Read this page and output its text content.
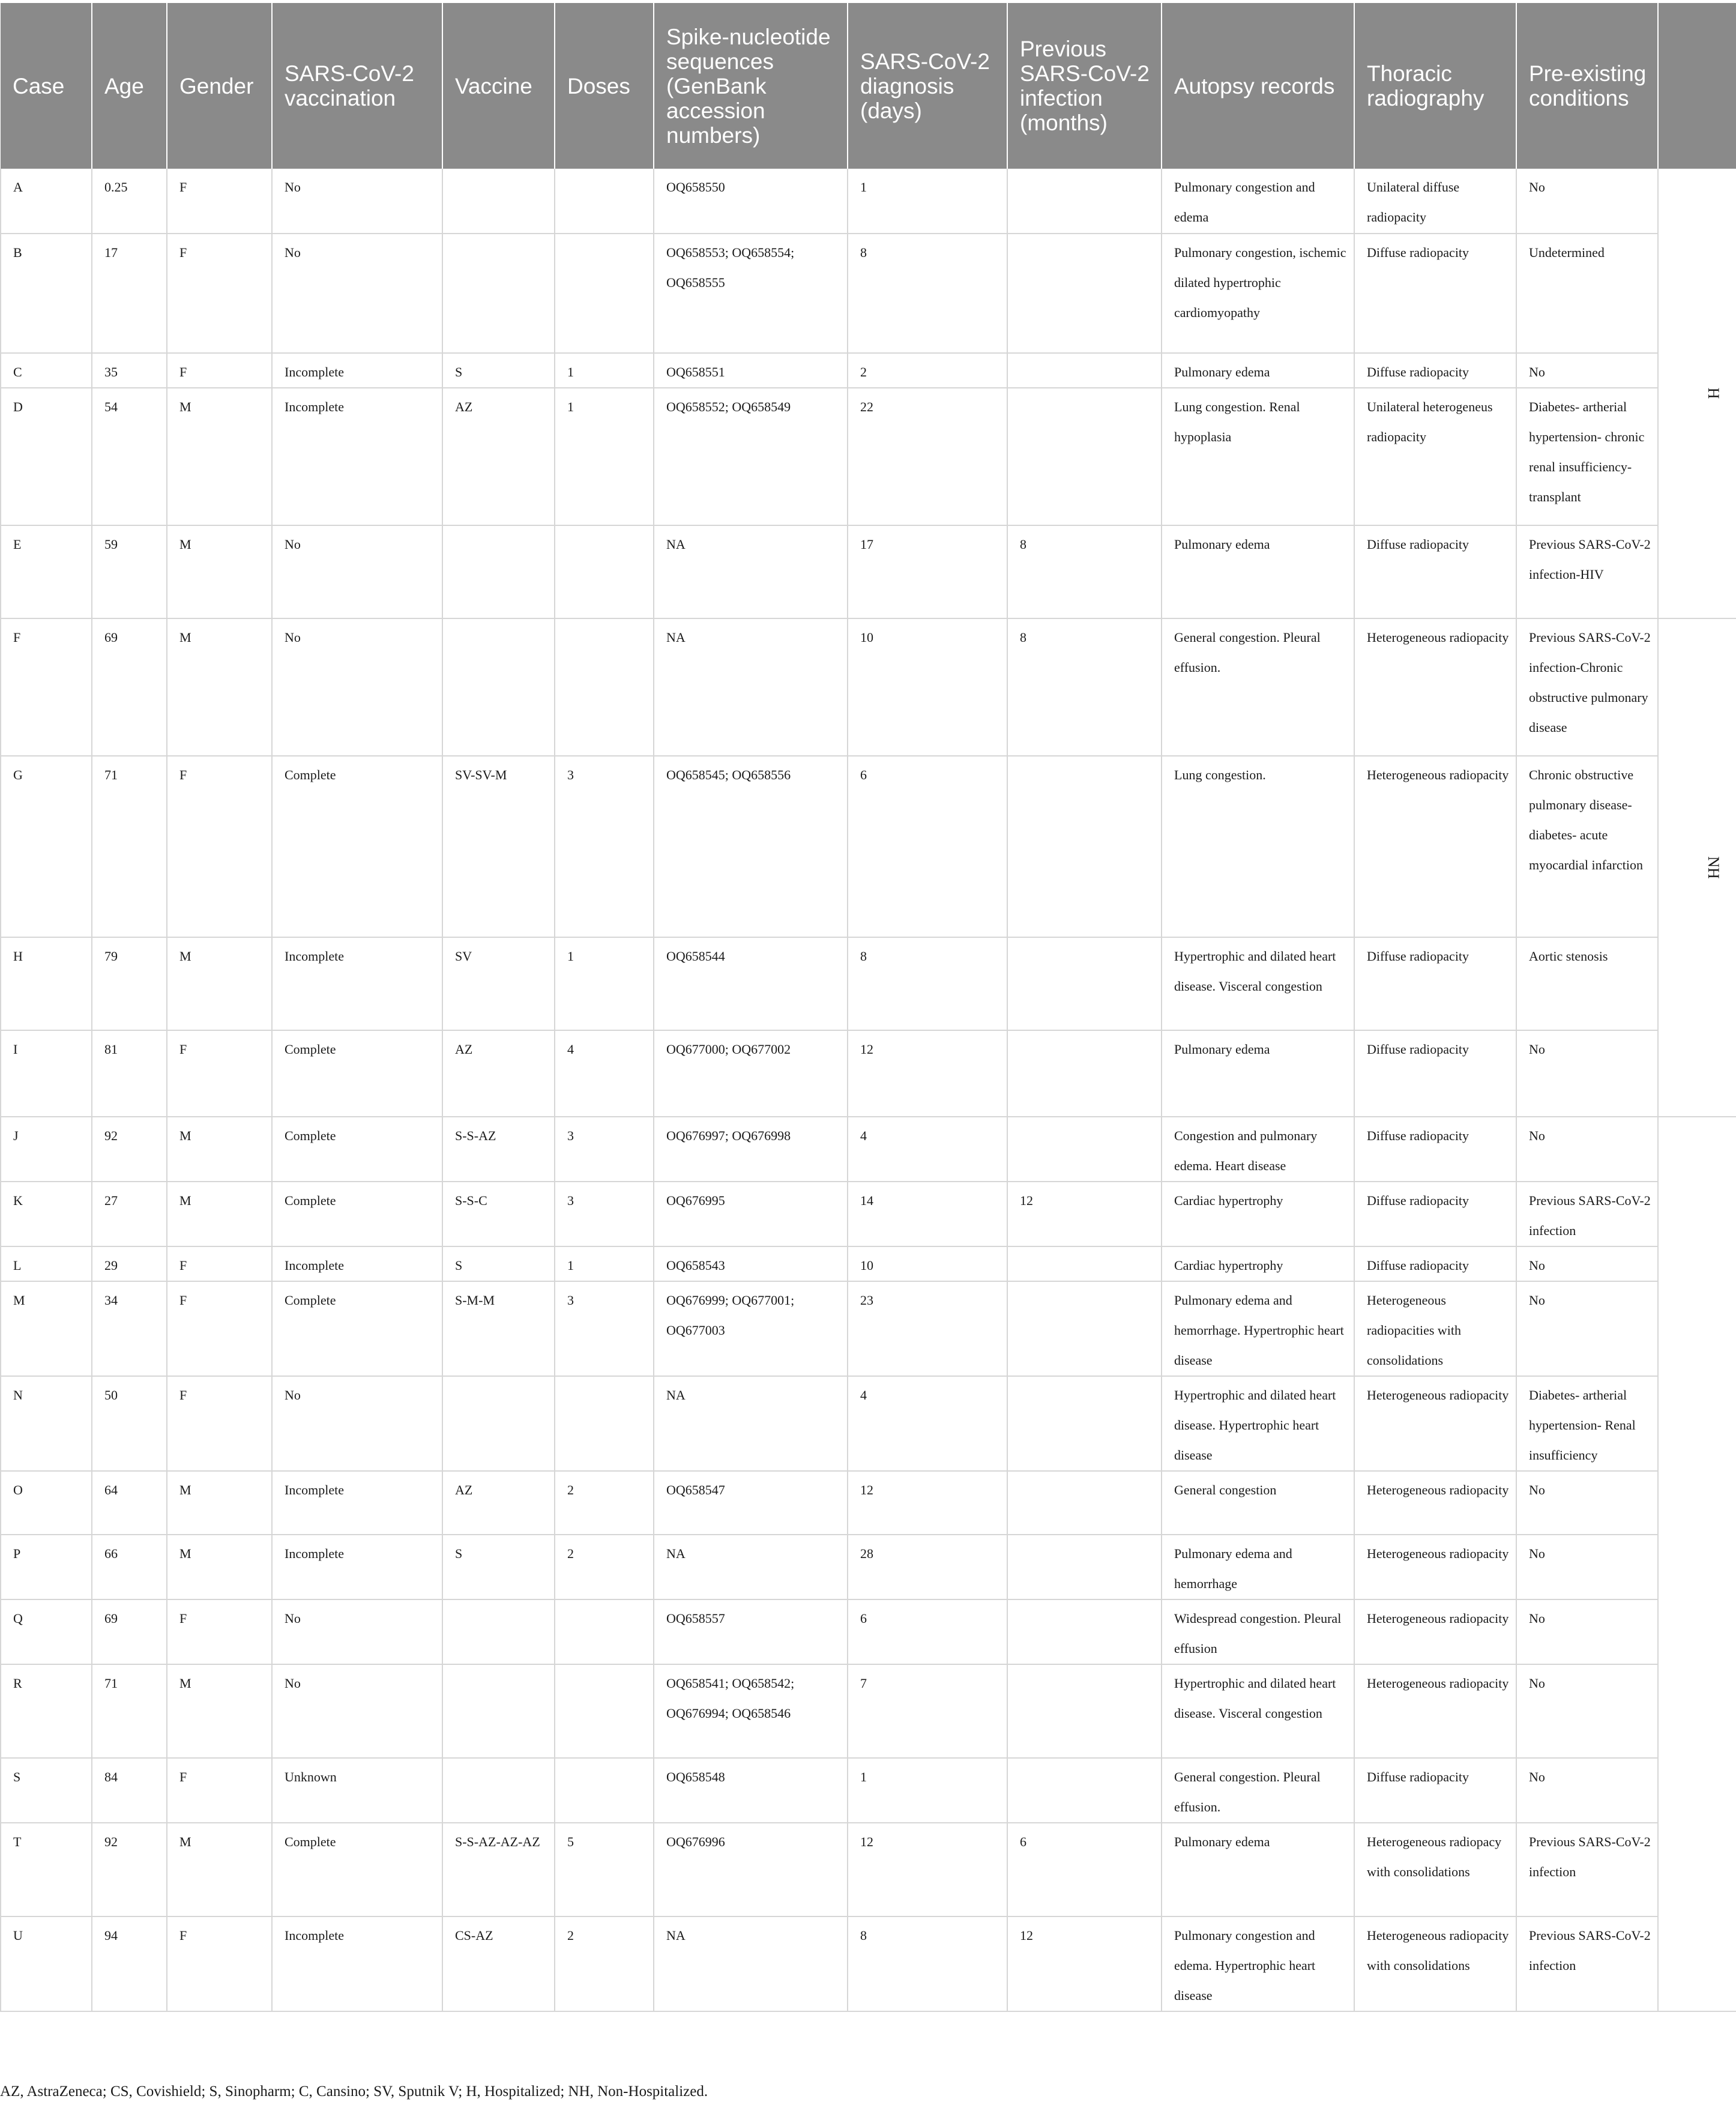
Case	Age	Gender	SARS-CoV-2 vaccination	Vaccine	Doses	Spike-nucleotide sequences (GenBank accession numbers)	SARS-CoV-2 diagnosis (days)	Previous SARS-CoV-2 infection (months)	Autopsy records	Thoracic radiography	Pre-existing conditions	
A	0.25	F	No			OQ658550	1		Pulmonary congestion and edema	Unilateral diffuse radiopacity	No	H

B	17	F	No			OQ658553; OQ658554; OQ658555	8		Pulmonary congestion, ischemic dilated hypertrophic cardiomyopathy	Diffuse radiopacity	Undetermined	
C	35	F	Incomplete	S	1	OQ658551	2		Pulmonary edema	Diffuse radiopacity	No	
D	54	M	Incomplete	AZ	1	OQ658552; OQ658549	22		Lung congestion. Renal hypoplasia	Unilateral heterogeneus radiopacity	Diabetes- artherial hypertension- chronic renal insufficiency- transplant	
E	59	M	No			NA	17	8	Pulmonary edema	Diffuse radiopacity	Previous SARS-CoV-2 infection-HIV	
F	69	M	No			NA	10	8	General congestion. Pleural effusion.	Heterogeneous radiopacity	Previous SARS-CoV-2 infection-Chronic obstructive pulmonary disease	NH

G	71	F	Complete	SV-SV-M	3	OQ658545; OQ658556	6		Lung congestion.	Heterogeneous radiopacity	Chronic obstructive pulmonary disease-diabetes- acute myocardial infarction	
H	79	M	Incomplete	SV	1	OQ658544	8		Hypertrophic and dilated heart disease. Visceral congestion	Diffuse radiopacity	Aortic stenosis	
I	81	F	Complete	AZ	4	OQ677000; OQ677002	12		Pulmonary edema	Diffuse radiopacity	No	
J	92	M	Complete	S-S-AZ	3	OQ676997; OQ676998	4		Congestion and pulmonary edema. Heart disease	Diffuse radiopacity	No	
K	27	M	Complete	S-S-C	3	OQ676995	14	12	Cardiac hypertrophy	Diffuse radiopacity	Previous SARS-CoV-2 infection	
L	29	F	Incomplete	S	1	OQ658543	10		Cardiac hypertrophy	Diffuse radiopacity	No	
M	34	F	Complete	S-M-M	3	OQ676999; OQ677001; OQ677003	23		Pulmonary edema and hemorrhage. Hypertrophic heart disease	Heterogeneous radiopacities with consolidations	No	
N	50	F	No			NA	4		Hypertrophic and dilated heart disease. Hypertrophic heart disease	Heterogeneous radiopacity	Diabetes- artherial hypertension- Renal insufficiency	
O	64	M	Incomplete	AZ	2	OQ658547	12		General congestion	Heterogeneous radiopacity	No	
P	66	M	Incomplete	S	2	NA	28		Pulmonary edema and hemorrhage	Heterogeneous radiopacity	No	
Q	69	F	No			OQ658557	6		Widespread congestion. Pleural effusion	Heterogeneous radiopacity	No	
R	71	M	No			OQ658541; OQ658542; OQ676994; OQ658546	7		Hypertrophic and dilated heart disease. Visceral congestion	Heterogeneous radiopacity	No	
S	84	F	Unknown			OQ658548	1		General congestion. Pleural effusion.	Diffuse radiopacity	No	
T	92	M	Complete	S-S-AZ-AZ-AZ	5	OQ676996	12	6	Pulmonary edema	Heterogeneous radiopacy with consolidations	Previous SARS-CoV-2 infection	
U	94	F	Incomplete	CS-AZ	2	NA	8	12	Pulmonary congestion and edema. Hypertrophic heart disease	Heterogeneous radiopacity with consolidations	Previous SARS-CoV-2 infection	
AZ, AstraZeneca; CS, Covishield; S, Sinopharm; C, Cansino; SV, Sputnik V; H, Hospitalized; NH, Non-Hospitalized.
